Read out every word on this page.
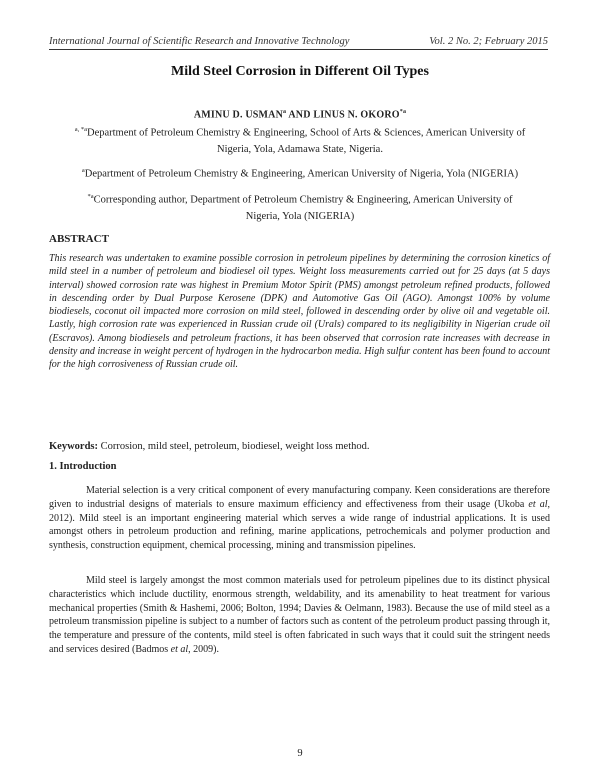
International Journal of Scientific Research and Innovative Technology	Vol. 2 No. 2; February 2015
Mild Steel Corrosion in Different Oil Types
AMINU D. USMAN$^a$ AND LINUS N. OKORO$^{*a}$
$^{a, *a}$Department of Petroleum Chemistry & Engineering, School of Arts & Sciences, American University of Nigeria, Yola, Adamawa State, Nigeria.
$^a$Department of Petroleum Chemistry & Engineering, American University of Nigeria, Yola (NIGERIA)
$^{*a}$Corresponding author, Department of Petroleum Chemistry & Engineering, American University of Nigeria, Yola (NIGERIA)
ABSTRACT
This research was undertaken to examine possible corrosion in petroleum pipelines by determining the corrosion kinetics of mild steel in a number of petroleum and biodiesel oil types. Weight loss measurements carried out for 25 days (at 5 days interval) showed corrosion rate was highest in Premium Motor Spirit (PMS) amongst petroleum refined products, followed in descending order by Dual Purpose Kerosene (DPK) and Automotive Gas Oil (AGO). Amongst 100% by volume biodiesels, coconut oil impacted more corrosion on mild steel, followed in descending order by olive oil and vegetable oil. Lastly, high corrosion rate was experienced in Russian crude oil (Urals) compared to its negligibility in Nigerian crude oil (Escravos). Among biodiesels and petroleum fractions, it has been observed that corrosion rate increases with decrease in density and increase in weight percent of hydrogen in the hydrocarbon media. High sulfur content has been found to account for the high corrosiveness of Russian crude oil.
Keywords: Corrosion, mild steel, petroleum, biodiesel, weight loss method.
1. Introduction
Material selection is a very critical component of every manufacturing company. Keen considerations are therefore given to industrial designs of materials to ensure maximum efficiency and effectiveness from their usage (Ukoba et al, 2012). Mild steel is an important engineering material which serves a wide range of industrial applications. It is used amongst others in petroleum production and refining, marine applications, petrochemicals and polymer production and synthesis, construction equipment, chemical processing, mining and transmission pipelines.
Mild steel is largely amongst the most common materials used for petroleum pipelines due to its distinct physical characteristics which include ductility, enormous strength, weldability, and its amenability to heat treatment for various mechanical properties (Smith & Hashemi, 2006; Bolton, 1994; Davies & Oelmann, 1983). Because the use of mild steel as a petroleum transmission pipeline is subject to a number of factors such as content of the petroleum product passing through it, the temperature and pressure of the contents, mild steel is often fabricated in such ways that it could suit the stringent needs and services desired (Badmos et al, 2009).
9
